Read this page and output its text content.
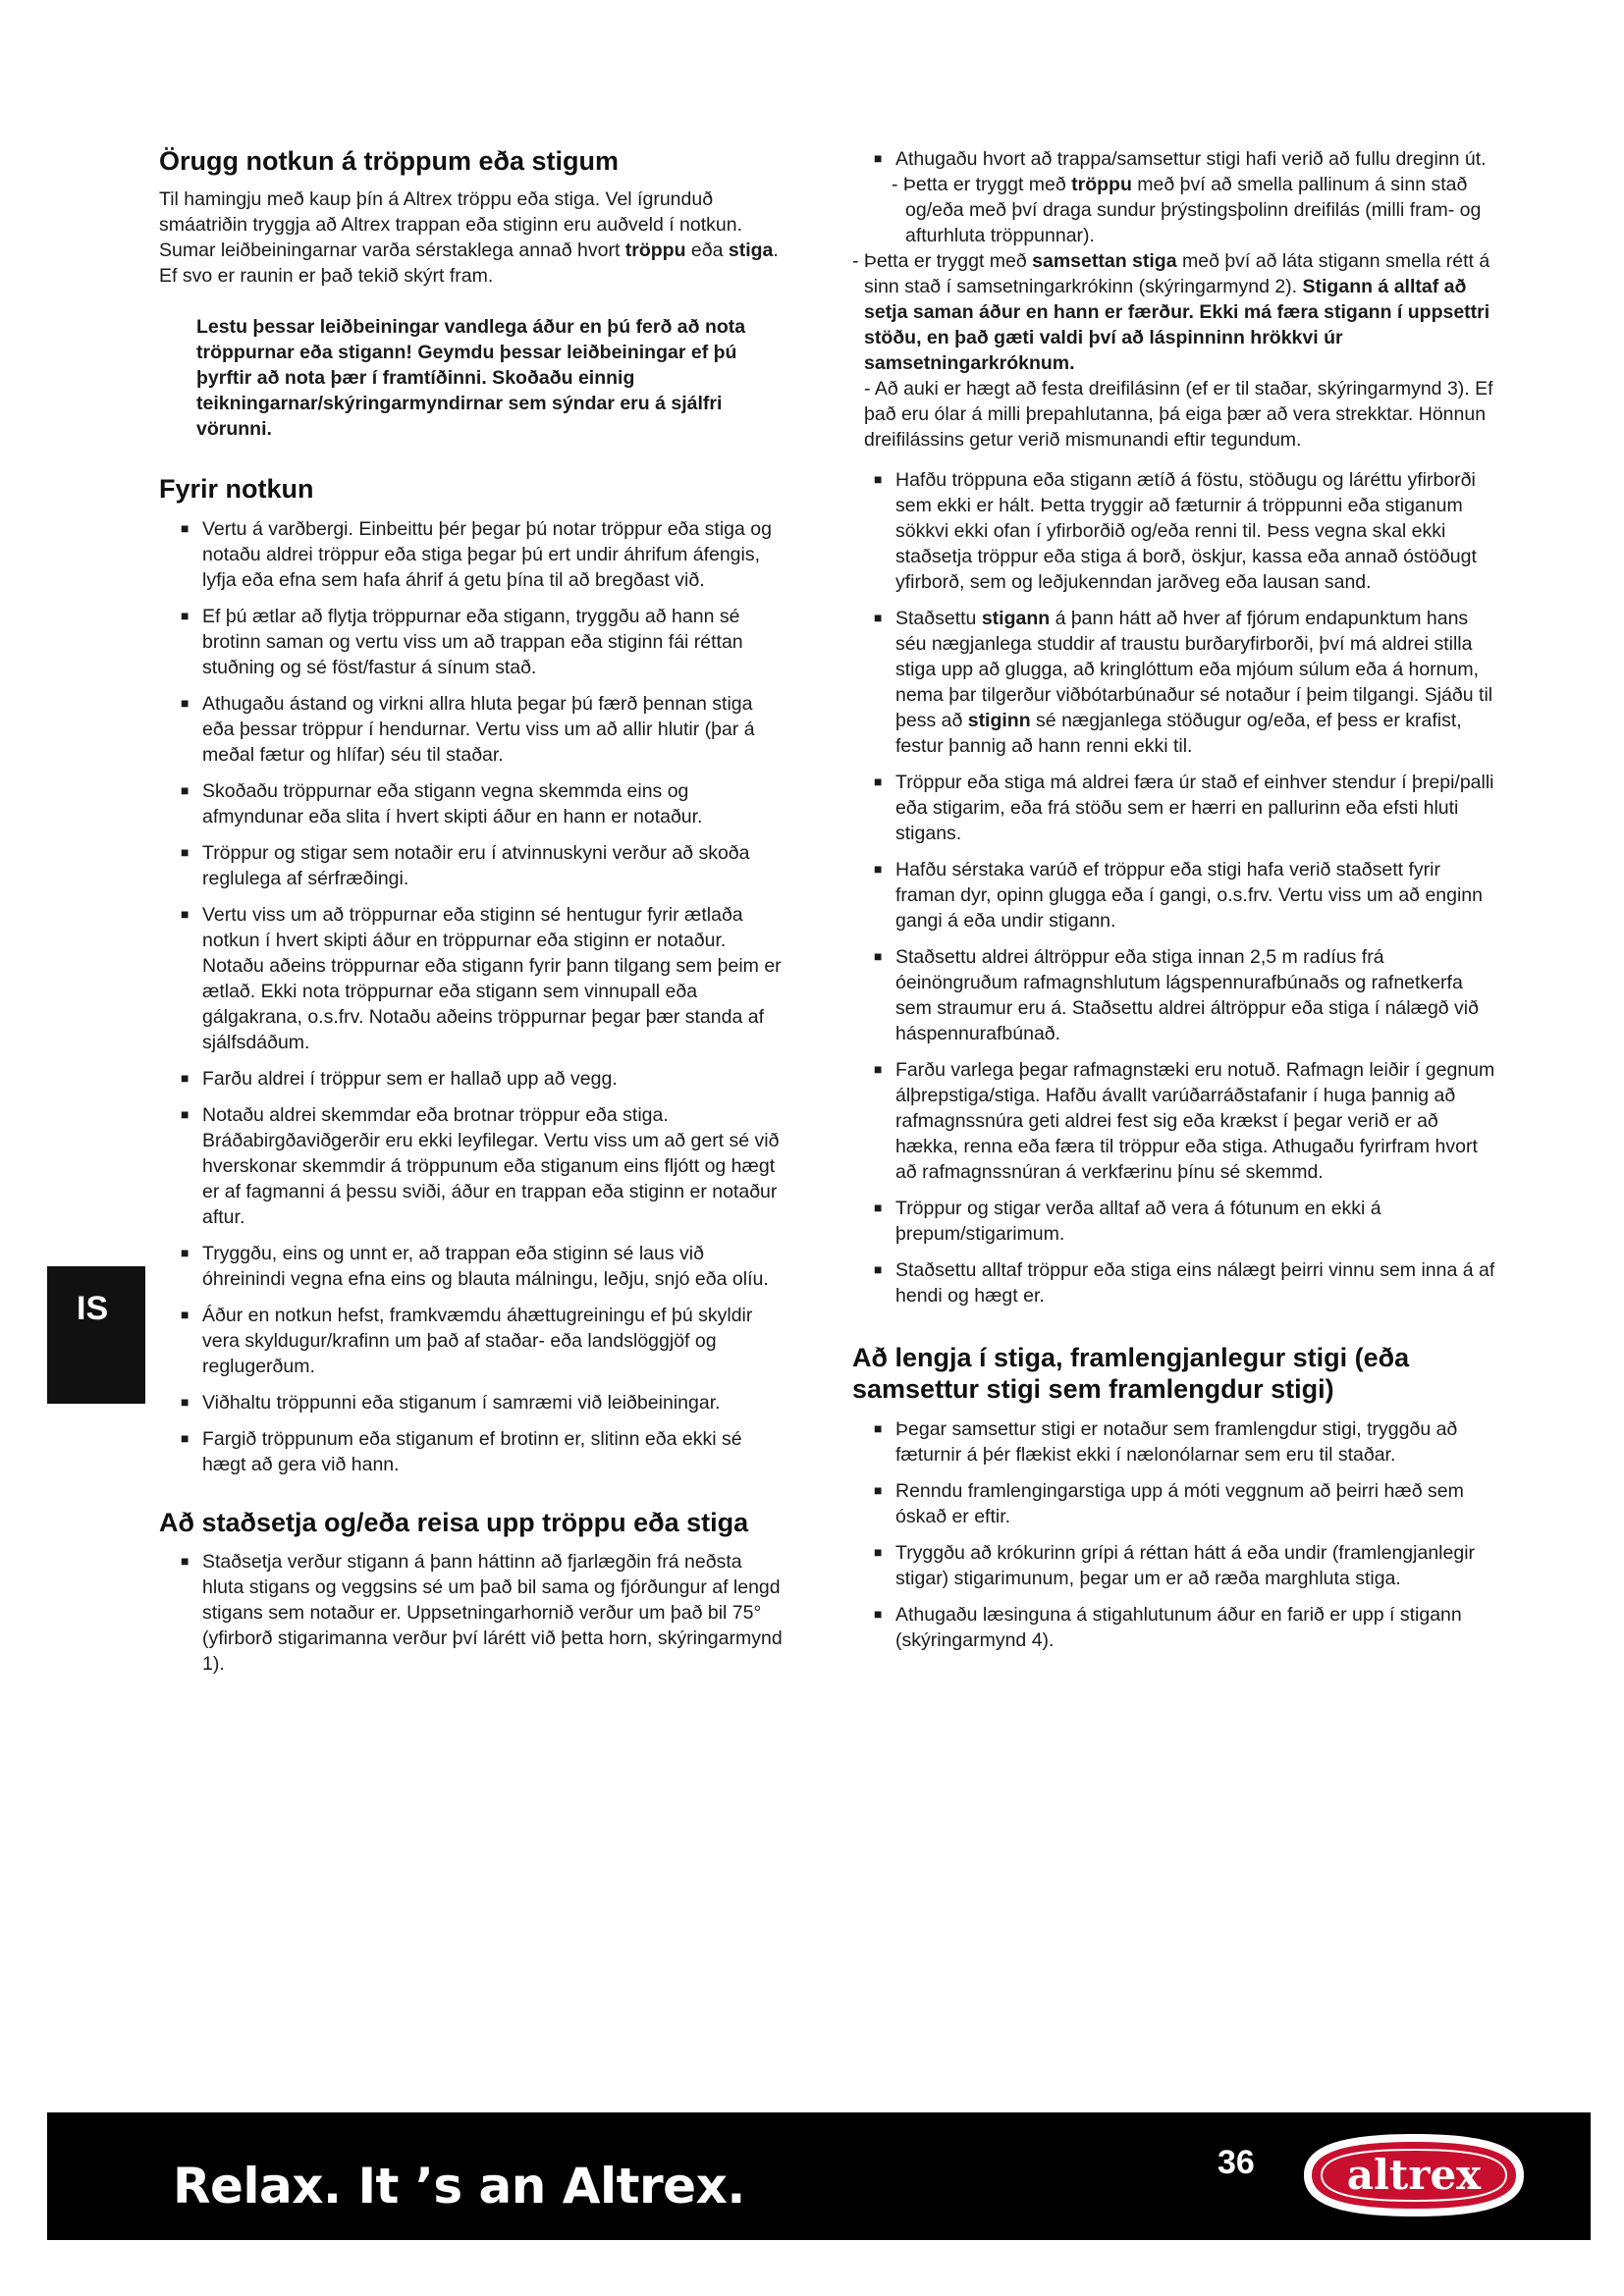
Örugg notkun á tröppum eða stigum

Til hamingju með kaup þín á Altrex tröppu eða stiga. Vel ígrunduð smáatriðin tryggja að Altrex trappan eða stiginn eru auðveld í notkun. Sumar leiðbeiningarnar varða sérstaklega annað hvort tröppu eða stiga. Ef svo er raunin er það tekið skýrt fram.

Lestu þessar leiðbeiningar vandlega áður en þú ferð að nota tröppurnar eða stigann! Geymdu þessar leiðbeiningar ef þú þyrftir að nota þær í framtíðinni. Skoðaðu einnig teikningarnar/skýringarmyndirnar sem sýndar eru á sjálfri vörunni.

Fyrir notkun
■ Vertu á varðbergi. Einbeittu þér þegar þú notar tröppur eða stiga og notaðu aldrei tröppur eða stiga þegar þú ert undir áhrifum áfengis, lyfja eða efna sem hafa áhrif á getu þína til að bregðast við.
■ Ef þú ætlar að flytja tröppurnar eða stigann, tryggðu að hann sé brotinn saman og vertu viss um að trappan eða stiginn fái réttan stuðning og sé föst/fastur á sínum stað.
■ Athugaðu ástand og virkni allra hluta þegar þú færð þennan stiga eða þessar tröppur í hendurnar. Vertu viss um að allir hlutir (þar á meðal fætur og hlífar) séu til staðar.
■ Skoðaðu tröppurnar eða stigann vegna skemmda eins og afmyndunar eða slita í hvert skipti áður en hann er notaður.
■ Tröppur og stigar sem notaðir eru í atvinnuskyni verður að skoða reglulega af sérfræðingi.
■ Vertu viss um að tröppurnar eða stiginn sé hentugur fyrir ætlaða notkun í hvert skipti áður en tröppurnar eða stiginn er notaður. Notaðu aðeins tröppurnar eða stigann fyrir þann tilgang sem þeim er ætlað. Ekki nota tröppurnar eða stigann sem vinnupall eða gálgakrana, o.s.frv. Notaðu aðeins tröppurnar þegar þær standa af sjálfsdáðum.
■ Farðu aldrei í tröppur sem er hallað upp að vegg.
■ Notaðu aldrei skemmdar eða brotnar tröppur eða stiga. Bráðabirgðaviðgerðir eru ekki leyfilegar. Vertu viss um að gert sé við hverskonar skemmdir á tröppunum eða stiganum eins fljótt og hægt er af fagmanni á þessu sviði, áður en trappan eða stiginn er notaður aftur.
■ Tryggðu, eins og unnt er, að trappan eða stiginn sé laus við óhreinindi vegna efna eins og blauta málningu, leðju, snjó eða olíu.
■ Áður en notkun hefst, framkvæmdu áhættugreiningu ef þú skyldir vera skyldugur/krafinn um það af staðar- eða landslöggjöf og reglugerðum.
■ Viðhaltu tröppunni eða stiganum í samræmi við leiðbeiningar.
■ Fargið tröppunum eða stiganum ef brotinn er, slitinn eða ekki sé hægt að gera við hann.
Að staðsetja og/eða reisa upp tröppu eða stiga
■ Staðsetja verður stigann á þann háttinn að fjarlægðin frá neðsta hluta stigans og veggsins sé um það bil sama og fjórðungur af lengd stigans sem notaður er. Uppsetningarhornið verður um það bil 75° (yfirborð stigarimanna verður því lárétt við þetta horn, skýringarmynd 1).
■ Athugaðu hvort að trappa/samsettur stigi hafi verið að fullu dreginn út.

- Þetta er tryggt með tröppu með því að smella pallinum á sinn stað og/eða með því draga sundur þrýstingsþolinn dreifilás (milli fram- og afturhluta tröppunnar).

- Þetta er tryggt með samsettan stiga með því að láta stigann smella rétt á sinn stað í samsetningarkrókinn (skýringarmynd 2). Stigann á alltaf að setja saman áður en hann er færður. Ekki má færa stigann í uppsettri stöðu, en það gæti valdi því að láspinninn hrökkvi úr samsetningarkróknum.

- Að auki er hægt að festa dreifilásinn (ef er til staðar, skýringarmynd 3). Ef það eru ólar á milli þrepahlutanna, þá eiga þær að vera strekktar. Hönnun dreifilássins getur verið mismunandi eftir tegundum.

■ Hafðu tröppuna eða stigann ætíð á föstu, stöðugu og láréttu yfirborði sem ekki er hált. Þetta tryggir að fæturnir á tröppunni eða stiganum sökkvi ekki ofan í yfirborðið og/eða renni til. Þess vegna skal ekki staðsetja tröppur eða stiga á borð, öskjur, kassa eða annað óstöðugt yfirborð, sem og leðjukenndan jarðveg eða lausan sand.
■ Staðsettu stigann á þann hátt að hver af fjórum endapunktum hans séu nægjanlega studdir af traustu burðaryfirborði, því má aldrei stilla stiga upp að glugga, að kringlóttum eða mjóum súlum eða á hornum, nema þar tilgerður viðbótarbúnaður sé notaður í þeim tilgangi. Sjáðu til þess að stiginn sé nægjanlega stöðugur og/eða, ef þess er krafist, festur þannig að hann renni ekki til.
■ Tröppur eða stiga má aldrei færa úr stað ef einhver stendur í þrepi/palli eða stigarim, eða frá stöðu sem er hærri en pallurinn eða efsti hluti stigans.
■ Hafðu sérstaka varúð ef tröppur eða stigi hafa verið staðsett fyrir framan dyr, opinn glugga eða í gangi, o.s.frv. Vertu viss um að enginn gangi á eða undir stigann.
■ Staðsettu aldrei áltröppur eða stiga innan 2,5 m radíus frá óeinöngruðum rafmagnshlutum lágspennurafbúnaðs og rafnetkerfa sem straumur eru á. Staðsettu aldrei áltröppur eða stiga í nálægð við háspennurafbúnað.
■ Farðu varlega þegar rafmagnstæki eru notuð. Rafmagn leiðir í gegnum álþrepstiga/stiga. Hafðu ávallt varúðarráðstafanir í huga þannig að rafmagnssnúra geti aldrei fest sig eða krækst í þegar verið er að hækka, renna eða færa til tröppur eða stiga. Athugaðu fyrirfram hvort að rafmagnssnúran á verkfærinu þínu sé skemmd.
■ Tröppur og stigar verða alltaf að vera á fótunum en ekki á þrepum/stigarimum.
■ Staðsettu alltaf tröppur eða stiga eins nálægt þeirri vinnu sem inna á af hendi og hægt er.
Að lengja í stiga, framlengjanlegur stigi (eða samsettur stigi sem framlengdur stigi)
■ Þegar samsettur stigi er notaður sem framlengdur stigi, tryggðu að fæturnir á þér flækist ekki í nælonólarnar sem eru til staðar.
■ Renndu framlengingarstiga upp á móti veggnum að þeirri hæð sem óskað er eftir.
■ Tryggðu að krókurinn grípi á réttan hátt á eða undir (framlengjanlegir stigar) stigarimunum, þegar um er að ræða marghluta stiga.
■ Athugaðu læsinguna á stigahlutunum áður en farið er upp í stigann (skýringarmynd 4).
IS
Relax. It ’s an Altrex.	36 altrex
